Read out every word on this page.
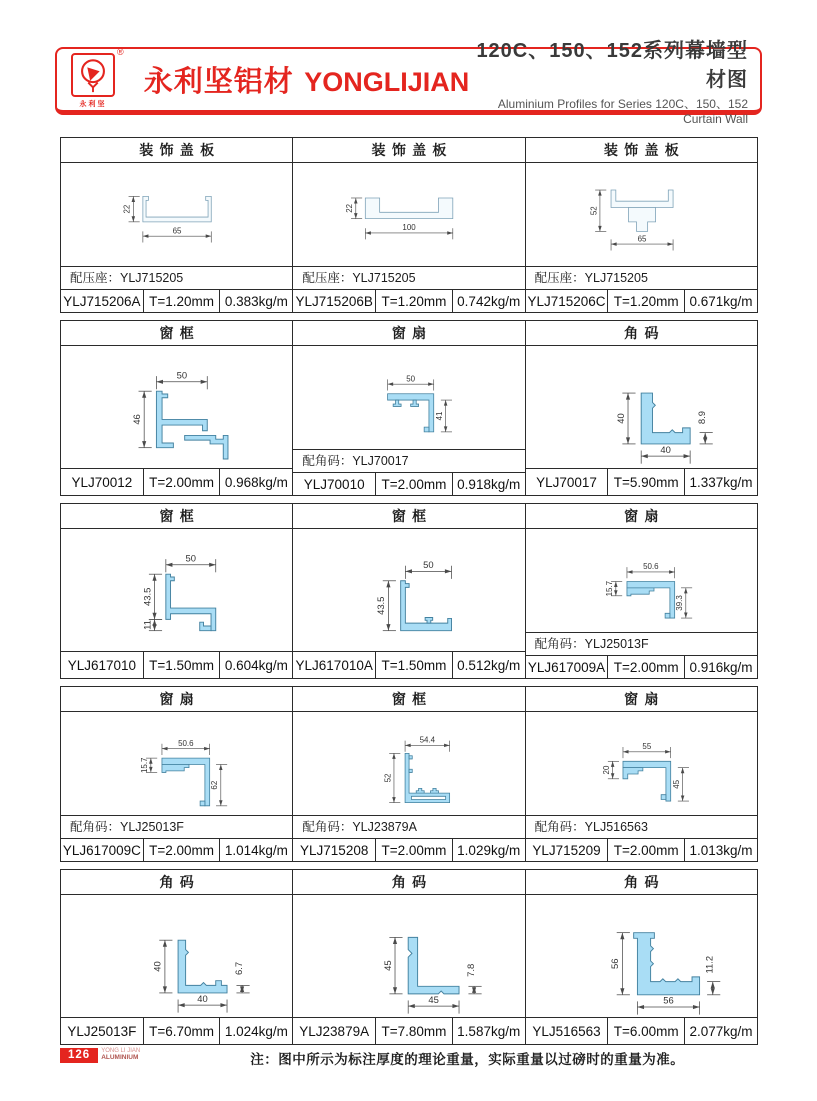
®
永利坚
永利坚铝材 YONGLIJIAN
120C、150、152系列幕墙型材图
Aluminium Profiles for Series 120C、150、152 Curtain Wall
装饰盖板
22
65
配压座：YLJ715205
YLJ715206A T=1.20mm 0.383kg/m
装饰盖板
22
100
配压座：YLJ715205
YLJ715206B T=1.20mm 0.742kg/m
装饰盖板
52
65
配压座：YLJ715205
YLJ715206C T=1.20mm 0.671kg/m
窗框
50
46
YLJ70012	T=2.00mm 0.968kg/m
窗扇
50
41
配角码：YLJ70017
YLJ70010	T=2.00mm 0.918kg/m
角码
40
40
8.9
YLJ70017	T=5.90mm 1.337kg/m
窗框
50
43.5
11
YLJ617010 T=1.50mm 0.604kg/m
窗框
50
43.5
YLJ617010A T=1.50mm 0.512kg/m
窗扇
50.6
15.7
39.3
配角码：YLJ25013F
YLJ617009A T=2.00mm 0.916kg/m
窗扇
50.6
15.7
62
配角码：YLJ25013F
YLJ617009C T=2.00mm 1.014kg/m
窗框
54.4
52
配角码：YLJ23879A
YLJ715208 T=2.00mm 1.029kg/m
窗扇
55
20
45
配角码：YLJ516563
YLJ715209 T=2.00mm 1.013kg/m
角码
40
40
6.7
YLJ25013F T=6.70mm 1.024kg/m
角码
45
45
7.8
YLJ23879A T=7.80mm 1.587kg/m
角码
56
56
11.2
YLJ516563 T=6.00mm 2.077kg/m
126	YONG LI JIAN
ALUMINIUM	注：图中所示为标注厚度的理论重量，实际重量以过磅时的重量为准。
